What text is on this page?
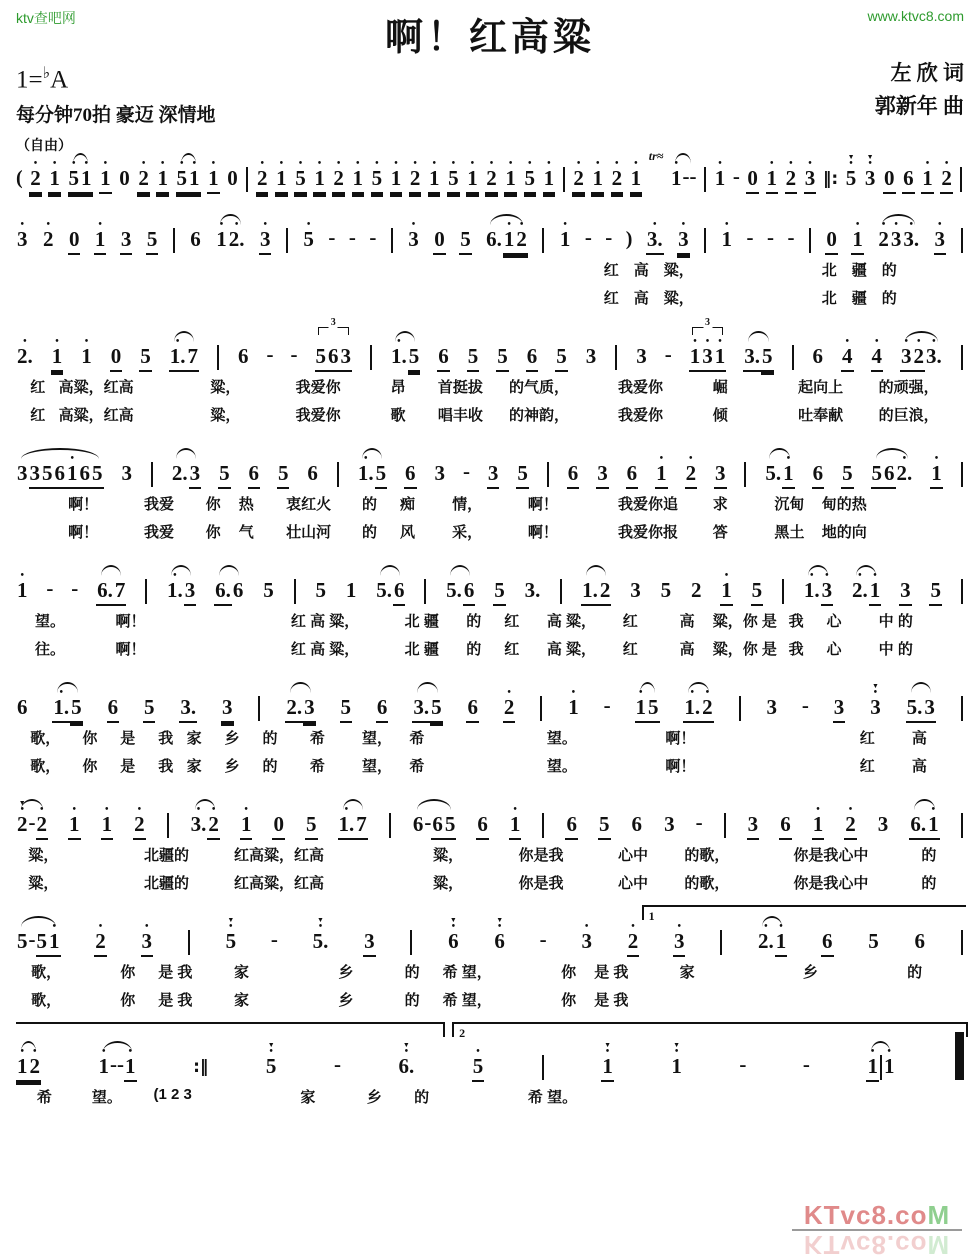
ktv查吧网	www.ktvc8.com
啊！红高粱
1=♭A
每分钟70拍 豪迈 深情地
左 欣 词
郭新年 曲
（自由）
(
•
2
•
1
•
5
•
1
•
1 0
•
2
•
1
•
5
•
1
•
1 0
•
2
•
1
•
5
•
1
•
2
•
1
•
5
•
1
•
2
•
1
•
5
•
1
•
2
•
1
•
5
•
1
•
2
•
1
•
2
•
1
tr≈
•
1 - -
•
1 - 0
•
1
•
2
•
3 ‖:
▼
•
5
▼
•
3 0 6
•
1
•
2
•
3
•
2 0
•
1 3 5 6
•
1
•
2.
•
3
•
5 - - -
•
3 0 5 6.
•
1
•
2
•
1 - - )
•
3.
•
3
•
1 - - - 0
•
1
•
2
•
3
•
3.
•
3
红　高　粱，	北　疆　的
红　高　粱，	北　疆　的
•
2.
•
1
•
1 0 5
•
1. 7 6 - -
3
5 6 3
•
1. 5 6 5 5 6 5 3 3 -
3
•
1
•
3
•
1 3. 5 6
•
4
•
4
•
3
•
2
•
3.
红 高粱，红高	粱，	我爱你	昂 首挺拔 的气质，	我爱你	崛	起向上 的顽强，
红 高粱，红高	粱，	我爱你	歌 唱丰收 的神韵，	我爱你	倾	吐奉献 的巨浪，
3 3 5 6
•
1 6 5 3 2. 3 5 6 5 6
•
1. 5 6 3 - 3 5 6 3 6
•
1
•
2 3 5.
•
1 6 5 5 6
•
2.
•
1
啊！	我爱 你 热 衷红火 的 痴 情，	啊！	我爱你追 求	沉甸 甸的热
啊！	我爱 你 气 壮山河 的 风 采，	啊！	我爱你报 答	黑土 地的向
•
1 - - 6. 7
•
1. 3 6. 6 5 5 1 5. 6 5. 6 5 3. 1. 2 3 5 2
•
1 5
•
1.
•
3
•
2.
•
1 3 5
望。	啊！	红 高 粱，	北 疆 的 红 高 粱， 红	高 粱，你 是 我 心 中 的
往。	啊！	红 高 粱，	北 疆 的 红 高 粱， 红	高 粱，你 是 我 心 中 的
6
•
1. 5 6 5 3. 3	2. 3 5 6 3. 5 6
•
2
•
1 -
•
1 5
•
1.
•
2	3 - 3
▼
•
3 5. 3
歌， 你 是 我 家 乡 的 希 望， 希	望。	啊！	红 高
歌， 你 是 我 家 乡 的 希 望， 希	望。	啊！	红 高
▼
•
2 -
•
2
•
1
•
1
•
2
•
3.
•
2
•
1 0 5
•
1. 7 6 - 6 5 6
•
1 6 5 6 3 - 3 6
•
1
•
2 3 6.
•
1
粱，	北疆的	红高粱，红高	粱，	你是我	心中 的歌，	你是我心中	的
粱，	北疆的	红高粱，红高	粱，	你是我	心中 的歌，	你是我心中	的
1
5 - 5
•
1
•
2
•
3
▼
•
5 -
▼
•
5. 3
▼
•
6
▼
•
6 -
•
3
•
2
•
3
•
2.
•
1 6 5 6
歌，	你 是 我	家	乡	的 希 望，	你 是 我	家	乡	的
歌，	你 是 我	家	乡	的 希 望，	你 是 我
2
•
1
•
2
•
1 - -
•
1	:‖
▼
•
5	-
▼
•
6.
•
5
▼
•
1
▼
•
1	-	-
•
1
•
1
希	望。 (1 2 3	家	乡 的	希 望。
KTvc8.coM
KTvc8.coM
